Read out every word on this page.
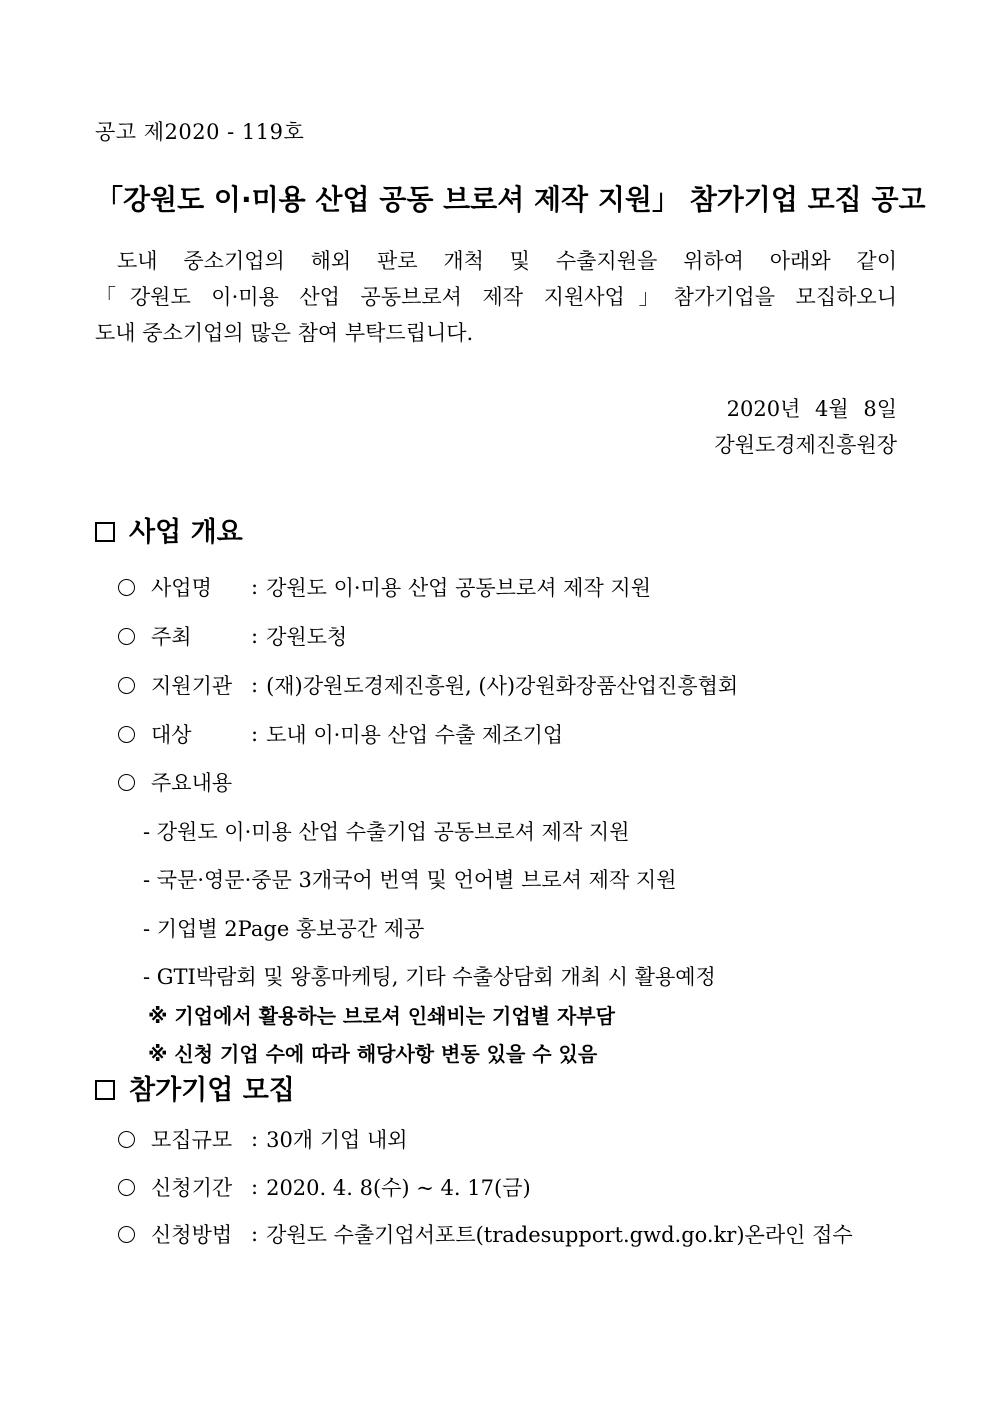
공고 제2020 - 119호
「강원도 이·미용 산업 공동 브로셔 제작 지원」 참가기업 모집 공고
도내 중소기업의 해외 판로 개척 및 수출지원을 위하여 아래와 같이
「강원도 이·미용 산업 공동브로셔 제작 지원사업」참가기업을 모집하오니
도내 중소기업의 많은 참여 부탁드립니다.
2020년 4월 8일
강원도경제진흥원장
사업 개요
사업명	: 강원도 이·미용 산업 공동브로셔 제작 지원
주최	: 강원도청
지원기관 : (재)강원도경제진흥원, (사)강원화장품산업진흥협회
대상	: 도내 이·미용 산업 수출 제조기업
주요내용
- 강원도 이·미용 산업 수출기업 공동브로셔 제작 지원
- 국문·영문·중문 3개국어 번역 및 언어별 브로셔 제작 지원
- 기업별 2Page 홍보공간 제공
- GTI박람회 및 왕홍마케팅, 기타 수출상담회 개최 시 활용예정
※ 기업에서 활용하는 브로셔 인쇄비는 기업별 자부담
※ 신청 기업 수에 따라 해당사항 변동 있을 수 있음
참가기업 모집
모집규모 : 30개 기업 내외
신청기간 : 2020. 4. 8(수) ~ 4. 17(금)
신청방법 : 강원도 수출기업서포트(tradesupport.gwd.go.kr)온라인 접수
